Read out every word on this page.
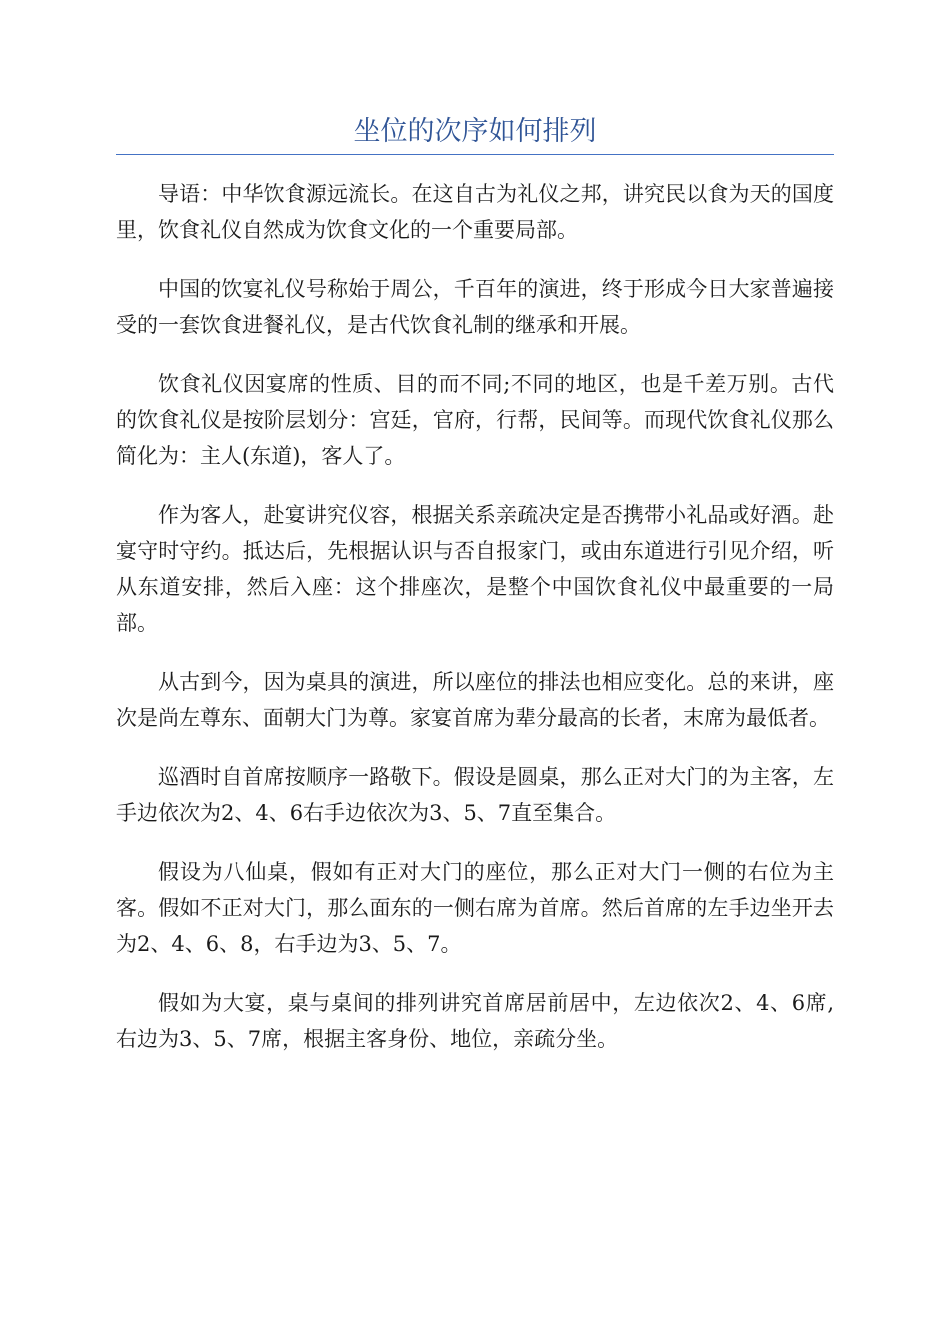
坐位的次序如何排列

导语：中华饮食源远流长。在这自古为礼仪之邦，讲究民以食为天的国度里，饮食礼仪自然成为饮食文化的一个重要局部。

中国的饮宴礼仪号称始于周公，千百年的演进，终于形成今日大家普遍接受的一套饮食进餐礼仪，是古代饮食礼制的继承和开展。

饮食礼仪因宴席的性质、目的而不同;不同的地区，也是千差万别。古代的饮食礼仪是按阶层划分：宫廷，官府，行帮，民间等。而现代饮食礼仪那么简化为：主人(东道)，客人了。

作为客人，赴宴讲究仪容，根据关系亲疏决定是否携带小礼品或好酒。赴宴守时守约。抵达后，先根据认识与否自报家门，或由东道进行引见介绍，听从东道安排，然后入座：这个排座次，是整个中国饮食礼仪中最重要的一局部。

从古到今，因为桌具的演进，所以座位的排法也相应变化。总的来讲，座次是尚左尊东、面朝大门为尊。家宴首席为辈分最高的长者，末席为最低者。

巡酒时自首席按顺序一路敬下。假设是圆桌，那么正对大门的为主客，左手边依次为2、4、6右手边依次为3、5、7直至集合。

假设为八仙桌，假如有正对大门的座位，那么正对大门一侧的右位为主客。假如不正对大门，那么面东的一侧右席为首席。然后首席的左手边坐开去为2、4、6、8，右手边为3、5、7。

假如为大宴，桌与桌间的排列讲究首席居前居中，左边依次2、4、6席,右边为3、5、7席，根据主客身份、地位，亲疏分坐。
